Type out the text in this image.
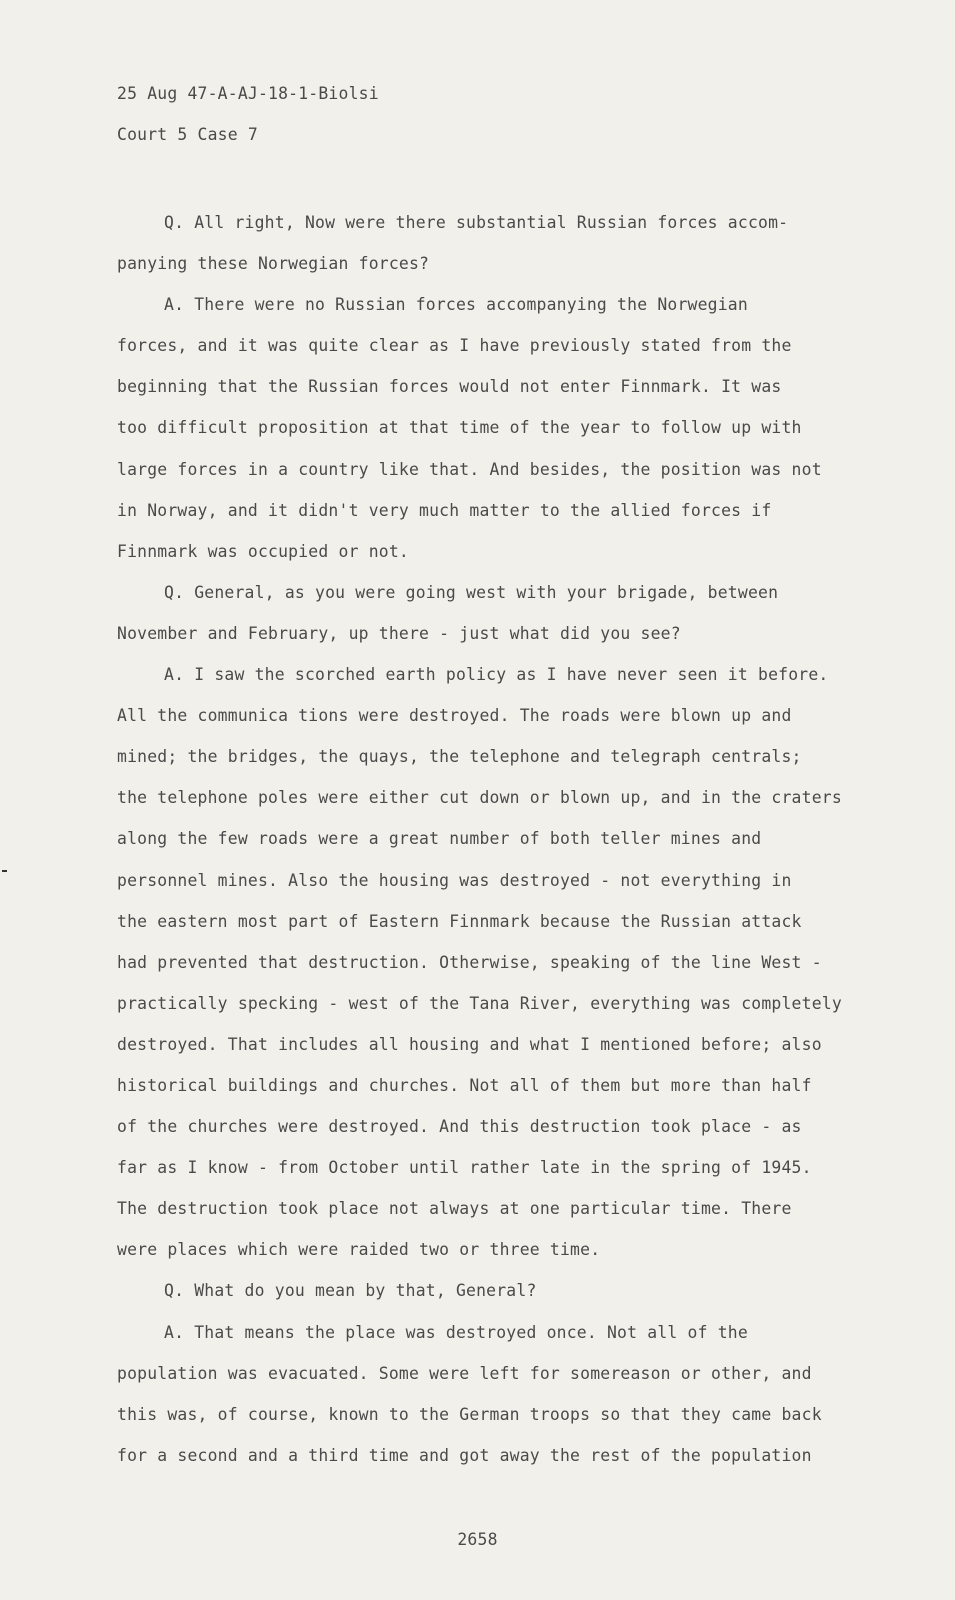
25 Aug 47-A-AJ-18-1-Biolsi
Court 5 Case 7
Q. All right, Now were there substantial Russian forces accom-
panying these Norwegian forces?
A. There were no Russian forces accompanying the Norwegian
forces, and it was quite clear as I have previously stated from the
beginning that the Russian forces would not enter Finnmark. It was
too difficult proposition at that time of the year to follow up with
large forces in a country like that. And besides, the position was not
in Norway, and it didn't very much matter to the allied forces if
Finnmark was occupied or not.
Q. General, as you were going west with your brigade, between
November and February, up there - just what did you see?
A. I saw the scorched earth policy as I have never seen it before.
All the communica tions were destroyed. The roads were blown up and
mined; the bridges, the quays, the telephone and telegraph centrals;
the telephone poles were either cut down or blown up, and in the craters
along the few roads were a great number of both teller mines and
personnel mines. Also the housing was destroyed - not everything in
the eastern most part of Eastern Finnmark because the Russian attack
had prevented that destruction. Otherwise, speaking of the line West -
practically specking - west of the Tana River, everything was completely
destroyed. That includes all housing and what I mentioned before; also
historical buildings and churches. Not all of them but more than half
of the churches were destroyed. And this destruction took place - as
far as I know - from October until rather late in the spring of 1945.
The destruction took place not always at one particular time. There
were places which were raided two or three time.
Q. What do you mean by that, General?
A. That means the place was destroyed once. Not all of the
population was evacuated. Some were left for somereason or other, and
this was, of course, known to the German troops so that they came back
for a second and a third time and got away the rest of the population
2658
